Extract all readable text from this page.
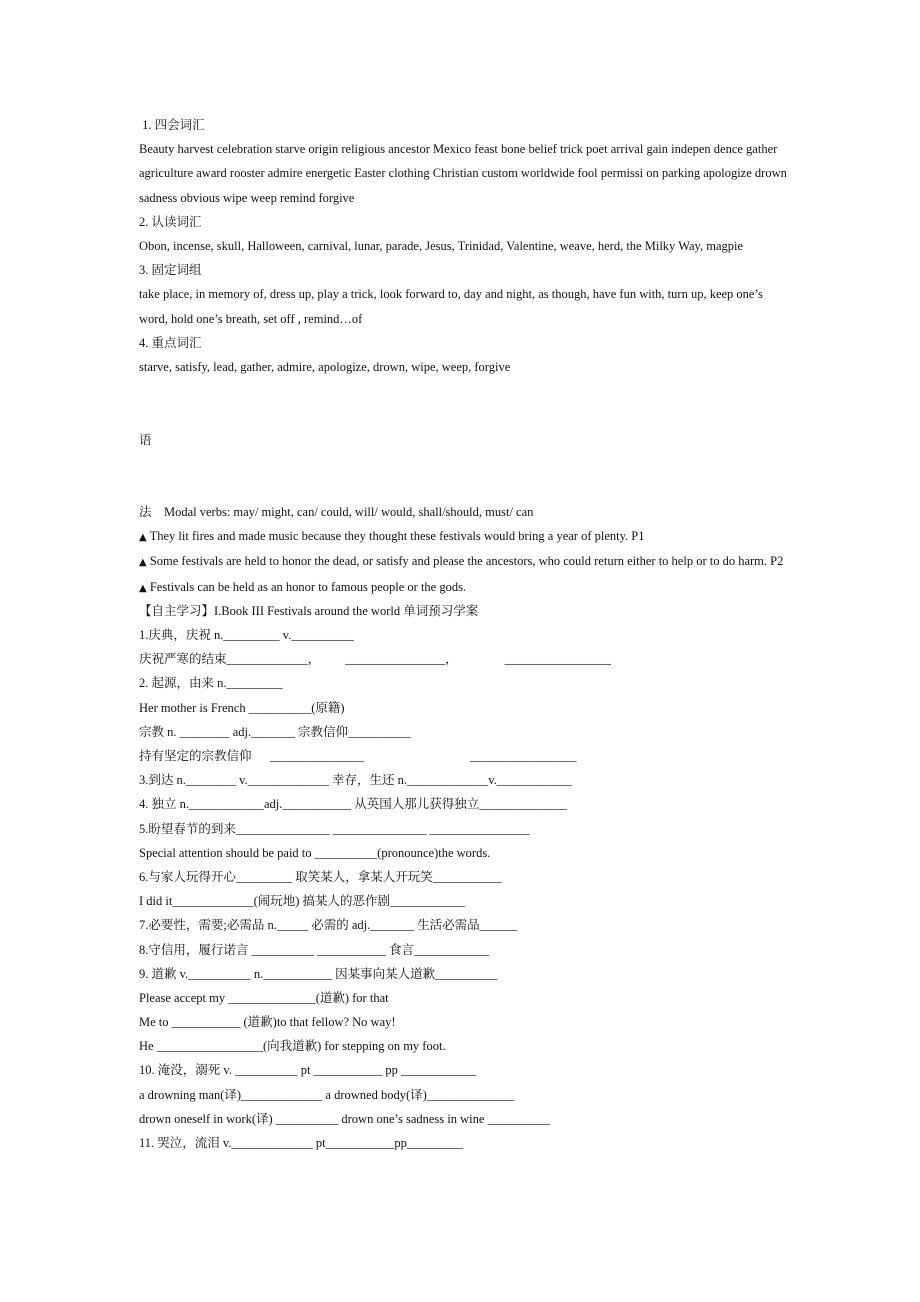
1. 四会词汇
Beauty harvest celebration starve origin religious ancestor Mexico feast bone belief trick poet arrival gain indepen dence gather agriculture award rooster admire energetic Easter clothing Christian custom worldwide fool permissi on parking apologize drown sadness obvious wipe weep remind forgive
2. 认读词汇
Obon, incense, skull, Halloween, carnival, lunar, parade, Jesus, Trinidad, Valentine, weave, herd, the Milky Way, magpie
3. 固定词组
take place, in memory of, dress up, play a trick, look forward to, day and night, as though, have fun with, turn up, keep one’s word, hold one’s breath, set off , remind…of
4. 重点词汇
starve, satisfy, lead, gather, admire, apologize, drown, wipe, weep, forgive
语
法    Modal verbs: may/ might, can/ could, will/ would, shall/should, must/ can
▲ They lit fires and made music because they thought these festivals would bring a year of plenty. P1
▲ Some festivals are held to honor the dead, or satisfy and please the ancestors, who could return either to help or to do harm. P2
▲ Festivals can be held as an honor to famous people or the gods.
【自主学习】I.Book III Festivals around the world 单词预习学案
1.庆典，庆祝 n._________ v.__________
庆祝严寒的结束_____________，        ________________，               _________________
2. 起源，由来 n._________
Her mother is French __________(原籍)
宗教 n. ________ adj._______ 宗教信仰__________
持有坚定的宗教信仰      _______________                                  _________________
3.到达 n.________ v._____________ 幸存，生还 n._____________v.____________
4. 独立 n.____________adj.___________ 从英国人那儿获得独立______________
5.盼望春节的到来_______________ _______________ ________________
Special attention should be paid to __________(pronounce)the words.
6.与家人玩得开心_________ 取笑某人，拿某人开玩笑___________
I did it_____________(闹玩地) 搞某人的恶作剧____________
7.必要性，需要;必需品 n._____ 必需的 adj._______ 生活必需品______
8.守信用，履行诺言 __________ ___________ 食言____________
9. 道歉 v.__________ n.___________ 因某事向某人道歉__________
Please accept my ______________(道歉) for that
Me to ___________ (道歉)to that fellow? No way!
He _________________(向我道歉) for stepping on my foot.
10. 淹没，溺死 v. __________ pt ___________ pp ____________
a drowning man(译)_____________ a drowned body(译)______________
drown oneself in work(译) __________ drown one’s sadness in wine __________
11. 哭泣，流泪 v._____________ pt___________pp_________
